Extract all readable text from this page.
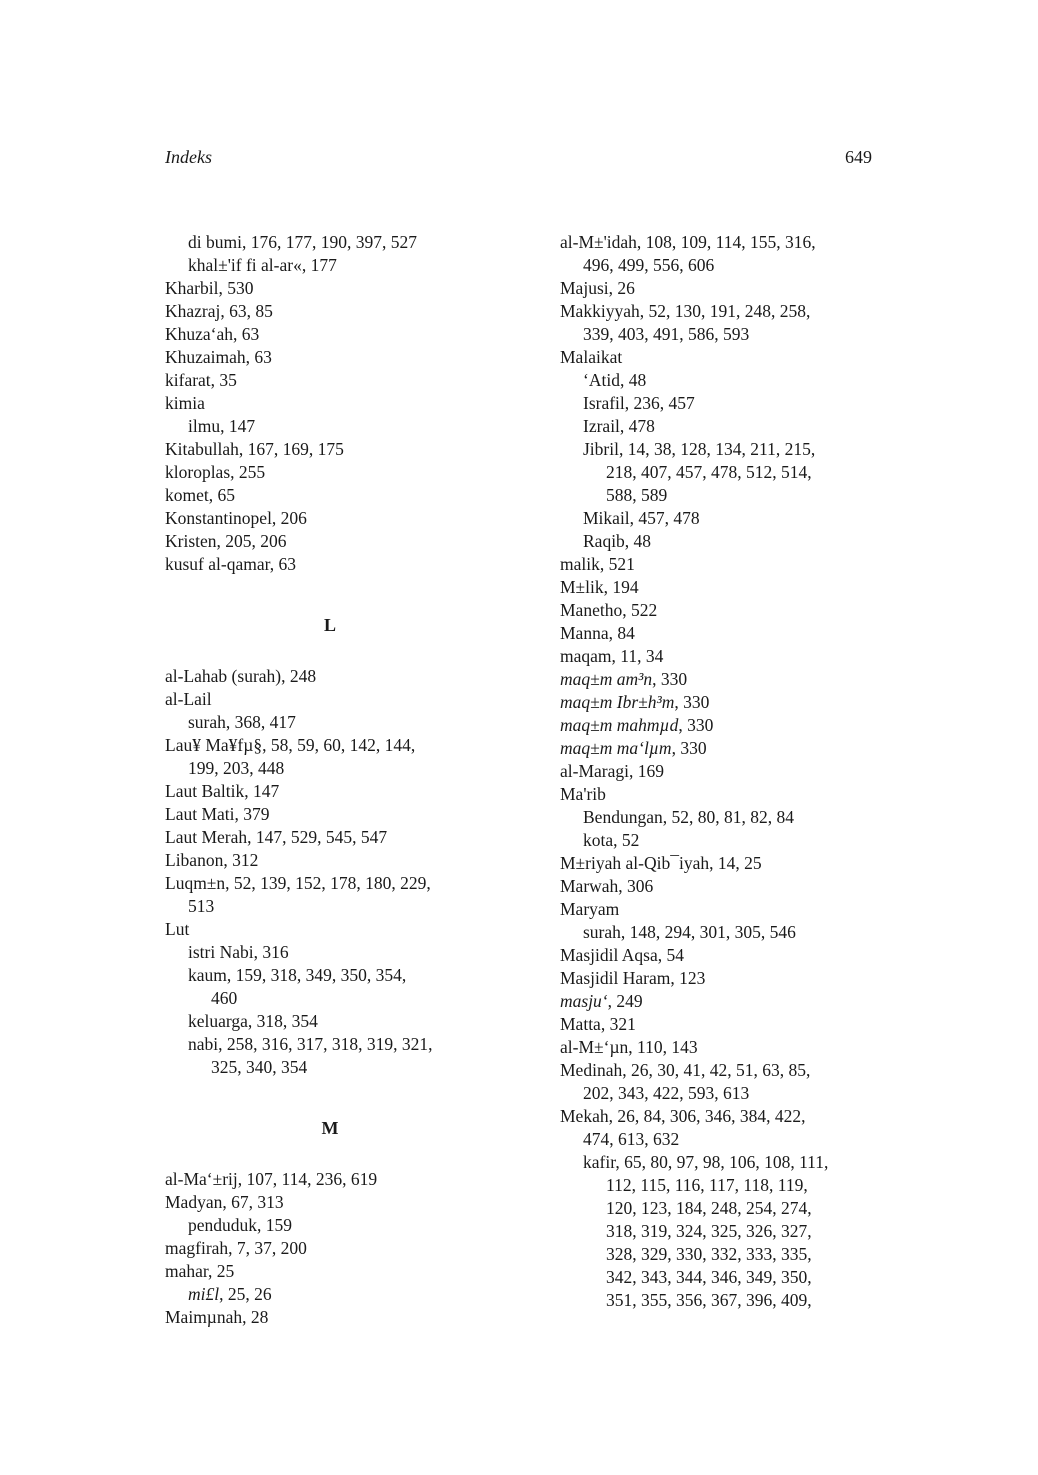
Indeks	649
di bumi, 176, 177, 190, 397, 527
khal±'if fi al-ar«, 177
Kharbil, 530
Khazraj, 63, 85
Khuza‘ah, 63
Khuzaimah, 63
kifarat, 35
kimia
ilmu, 147
Kitabullah, 167, 169, 175
kloroplas, 255
komet, 65
Konstantinopel, 206
Kristen, 205, 206
kusuf al-qamar, 63
L
al-Lahab (surah), 248
al-Lail
surah, 368, 417
Lau¥ Ma¥fµ§, 58, 59, 60, 142, 144,
199, 203, 448
Laut Baltik, 147
Laut Mati, 379
Laut Merah, 147, 529, 545, 547
Libanon, 312
Luqm±n, 52, 139, 152, 178, 180, 229,
513
Lut
istri Nabi, 316
kaum, 159, 318, 349, 350, 354,
460
keluarga, 318, 354
nabi, 258, 316, 317, 318, 319, 321,
325, 340, 354
M
al-Ma‘±rij, 107, 114, 236, 619
Madyan, 67, 313
penduduk, 159
magfirah, 7, 37, 200
mahar, 25
mi£l, 25, 26
Maimµnah, 28
al-M±'idah, 108, 109, 114, 155, 316,
496, 499, 556, 606
Majusi, 26
Makkiyyah, 52, 130, 191, 248, 258,
339, 403, 491, 586, 593
Malaikat
‘Atid, 48
Israfil, 236, 457
Izrail, 478
Jibril, 14, 38, 128, 134, 211, 215,
218, 407, 457, 478, 512, 514,
588, 589
Mikail, 457, 478
Raqib, 48
malik, 521
M±lik, 194
Manetho, 522
Manna, 84
maqam, 11, 34
maq±m am³n, 330
maq±m Ibr±h³m, 330
maq±m mahmµd, 330
maq±m ma‘lµm, 330
al-Maragi, 169
Ma'rib
Bendungan, 52, 80, 81, 82, 84
kota, 52
M±riyah al-Qib¯iyah, 14, 25
Marwah, 306
Maryam
surah, 148, 294, 301, 305, 546
Masjidil Aqsa, 54
Masjidil Haram, 123
masju‘, 249
Matta, 321
al-M±‘µn, 110, 143
Medinah, 26, 30, 41, 42, 51, 63, 85,
202, 343, 422, 593, 613
Mekah, 26, 84, 306, 346, 384, 422,
474, 613, 632
kafir, 65, 80, 97, 98, 106, 108, 111,
112, 115, 116, 117, 118, 119,
120, 123, 184, 248, 254, 274,
318, 319, 324, 325, 326, 327,
328, 329, 330, 332, 333, 335,
342, 343, 344, 346, 349, 350,
351, 355, 356, 367, 396, 409,
